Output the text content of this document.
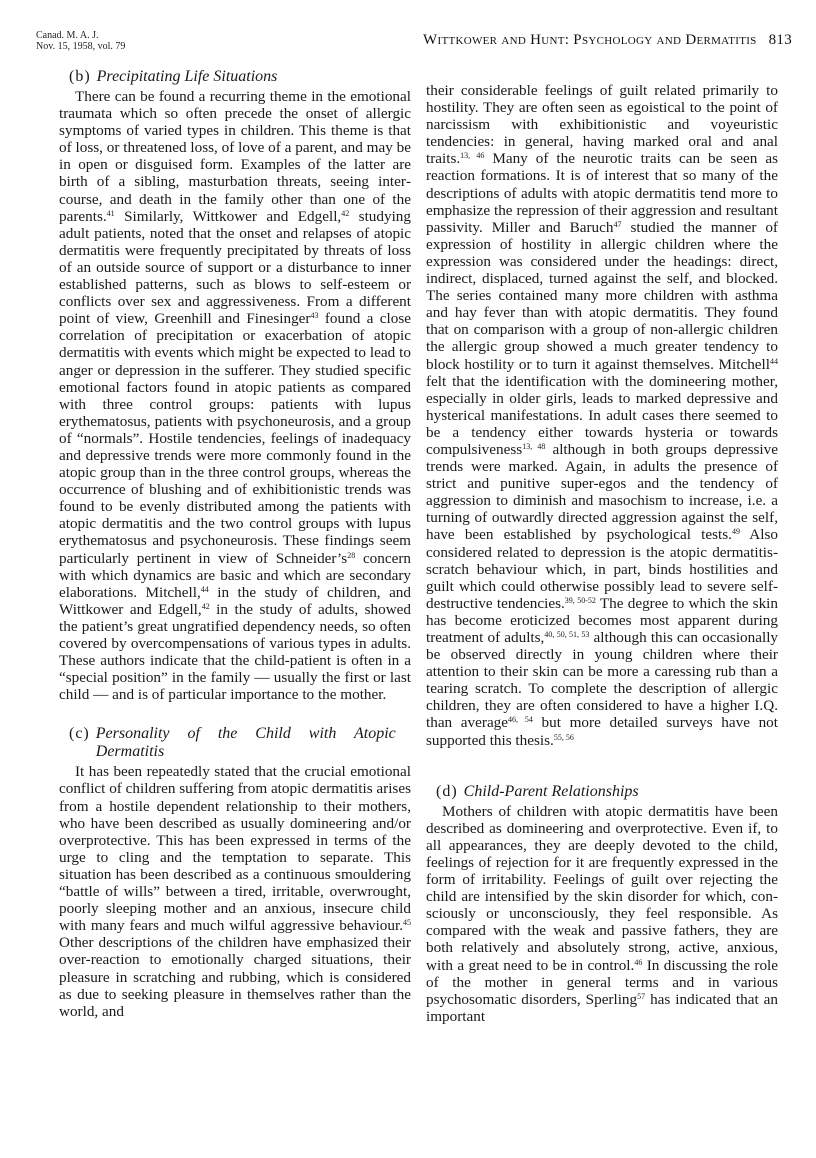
Canad. M. A. J.
Nov. 15, 1958, vol. 79	Wittkower and Hunt: Psychology and Dermatitis 813
(b) Precipitating Life Situations

There can be found a recurring theme in the emotional traumata which so often precede the onset of allergic symptoms of varied types in children. This theme is that of loss, or threatened loss, of love of a parent, and may be in open or disguised form. Examples of the latter are birth of a sibling, masturbation threats, seeing intercourse, and death in the family other than one of the parents.$^{41}$ Similarly, Wittkower and Edgell,$^{42}$ studying adult patients, noted that the onset and relapses of atopic dermatitis were frequently precipitated by threats of loss of an outside source of support or a disturbance to inner established patterns, such as blows to self-esteem or conflicts over sex and aggressiveness. From a different point of view, Greenhill and Finesinger$^{43}$ found a close correlation of precipitation or exacerbation of atopic dermatitis with events which might be expected to lead to anger or depression in the sufferer. They studied specific emotional factors found in atopic patients as compared with three control groups: patients with lupus erythematosus, patients with psychoneurosis, and a group of “normals”. Hostile tendencies, feelings of inadequacy and depressive trends were more commonly found in the atopic group than in the three control groups, whereas the occurrence of blushing and of exhibitionistic trends was found to be evenly distributed among the patients with atopic dermatitis and the two control groups with lupus erythematosus and psychoneurosis. These findings seem particularly pertinent in view of $Schneider’s^{28}$ concern with which dynamics are basic and which are secondary elaborations. Mitchell,$^{44}$ in the study of children, and Wittkower and Edgell,$^{42}$ in the study of adults, showed the patient’s great ungratified dependency needs, so often covered by overcompensations of various types in adults. These authors indicate that the child-patient is often in a “special position” in the family — usually the first or last child — and is of particular importance to the mother.

(c) Personality of the Child with Atopic Dermatitis

It has been repeatedly stated that the crucial emotional conflict of children suffering from atopic dermatitis arises from a hostile dependent relationship to their mothers, who have been described as usually domineering and/or overprotective. This has been expressed in terms of the urge to cling and the temptation to separate. This situation has been described as a continuous smouldering “battle of wills” between a tired, irritable, overwrought, poorly sleeping mother and an anxious, insecure child with many fears and much wilful aggressive behaviour.$^{45}$ Other descriptions of the children have emphasized their over-reaction to emotionally charged situations, their pleasure in scratching and rubbing, which is considered as due to seeking pleasure in themselves rather than the world, and

their considerable feelings of guilt related primarily to hostility. They are often seen as egoistical to the point of narcissism with exhibitionistic and voyeuristic tendencies: in general, having marked oral and anal traits.$^{13, 46}$ Many of the neurotic traits can be seen as reaction formations. It is of interest that so many of the descriptions of adults with atopic dermatitis tend more to emphasize the repression of their aggression and resultant passivity. Miller and Baruch$^{47}$ studied the manner of expression of hostility in allergic children where the expression was considered under the headings: direct, indirect, displaced, turned against the self, and blocked. The series contained many more children with asthma and hay fever than with atopic dermatitis. They found that on comparison with a group of non-allergic children the allergic group showed a much greater tendency to block hostility or to turn it against themselves. Mitchell$^{44}$ felt that the identification with the domineering mother, especially in older girls, leads to marked depressive and hysterical manifestations. In adult cases there seemed to be a tendency either towards hysteria or towards compulsiveness$^{13, 48}$ although in both groups depressive trends were marked. Again, in adults the presence of strict and punitive super-egos and the tendency of aggression to diminish and masochism to increase, i.e. a turning of outwardly directed aggression against the self, have been established by psychological tests.$^{49}$ Also considered related to depression is the atopic dermatitis-scratch behaviour which, in part, binds hostilities and guilt which could otherwise possibly lead to severe self-destructive tendencies.$^{39, 50-52}$ The degree to which the skin has become eroticized becomes most apparent during treatment of adults,$^{40, 50, 51, 53}$ although this can occasionally be observed directly in young children where their attention to their skin can be more a caressing rub than a tearing scratch. To complete the description of allergic children, they are often considered to have a higher I.Q. than average$^{46, 54}$ but more detailed surveys have not supported this thesis.$^{55, 56}$

(d) Child-Parent Relationships

Mothers of children with atopic dermatitis have been described as domineering and overprotective. Even if, to all appearances, they are deeply devoted to the child, feelings of rejection for it are frequently expressed in the form of irritability. Feelings of guilt over rejecting the child are intensified by the skin disorder for which, consciously or unconsciously, they feel responsible. As compared with the weak and passive fathers, they are both relatively and absolutely strong, active, anxious, with a great need to be in control.$^{46}$ In discussing the role of the mother in general terms and in various psychosomatic disorders, Sperling$^{57}$ has indicated that an important
